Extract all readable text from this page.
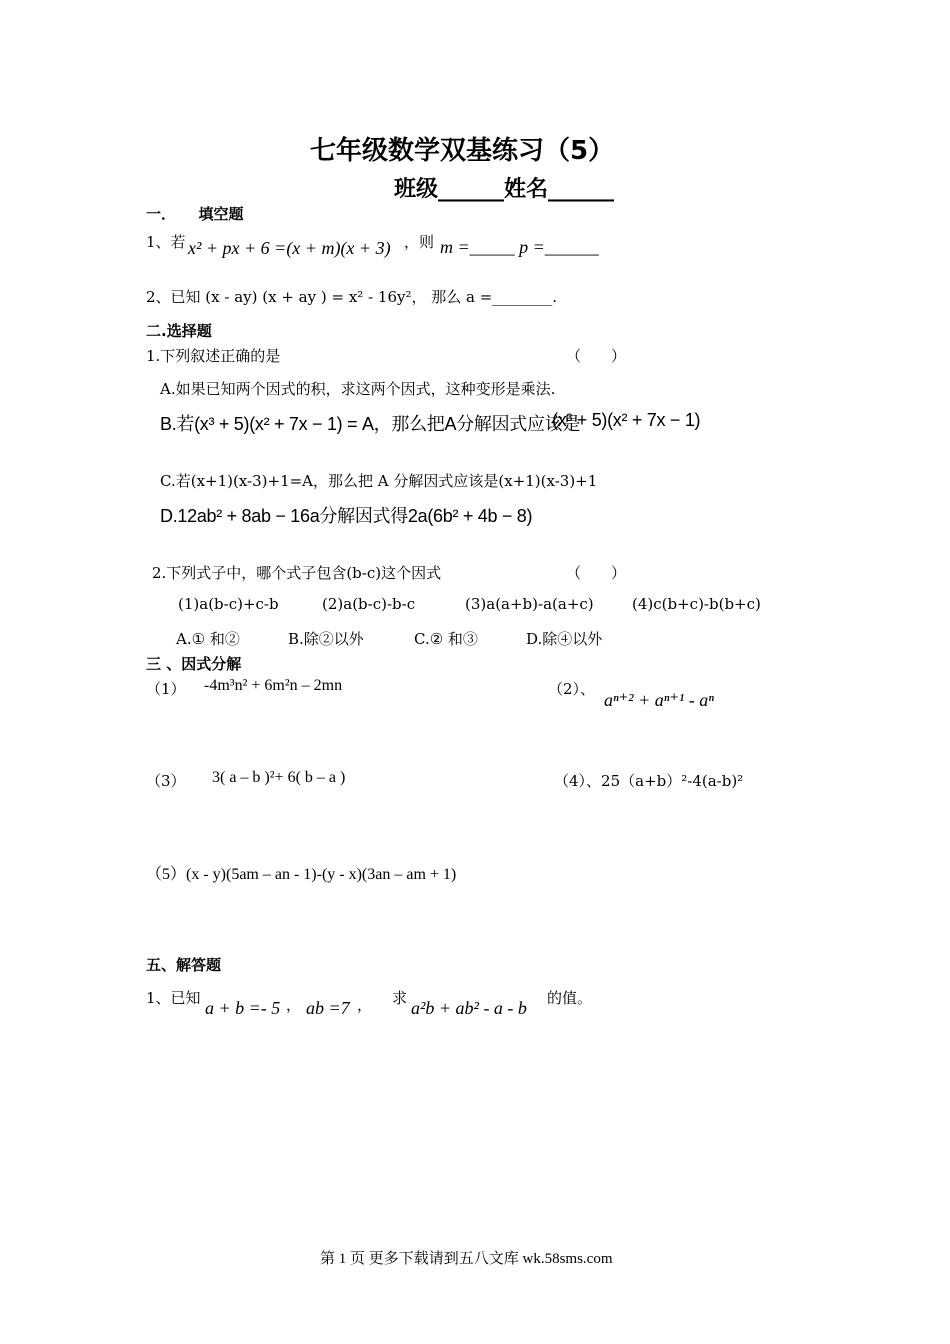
七年级数学双基练习（5）
班级______姓名______
一．　　填空题
1、若 x² + px + 6 =(x + m)(x + 3) ，则 m =_____ p =______
2、已知 (x - ay) (x + ay ) = x² - 16y²， 那么 a =________.
二.选择题
1.下列叙述正确的是	（　　）
A.如果已知两个因式的积，求这两个因式，这种变形是乘法.
B.若(x³ + 5)(x² + 7x − 1) = A，那么把A分解因式应该是
(x³ + 5)(x² + 7x − 1)
C.若(x+1)(x-3)+1=A，那么把 A 分解因式应该是(x+1)(x-3)+1
D.12ab² + 8ab − 16a分解因式得2a(6b² + 4b − 8)
2.下列式子中，哪个式子包含(b-c)这个因式	（　　）
(1)a(b-c)+c-b	(2)a(b-c)-b-c	(3)a(a+b)-a(a+c)	(4)c(b+c)-b(b+c)
A.① 和②	B.除②以外	C.② 和③	D.除④以外
三 、因式分解
（1） -4m³n² + 6m²n – 2mn	（2）、
aⁿ⁺² + aⁿ⁺¹ - aⁿ
（3） 3( a – b )²+ 6( b – a )	（4）、25（a+b）²-4(a-b)²
（5）(x - y)(5am – an - 1)-(y - x)(3an – am + 1)
五、解答题
1、已知 a + b =- 5 ， ab =7 ， 求 a²b + ab² - a - b 的值。
第 1 页 更多下载请到五八文库 wk.58sms.com
